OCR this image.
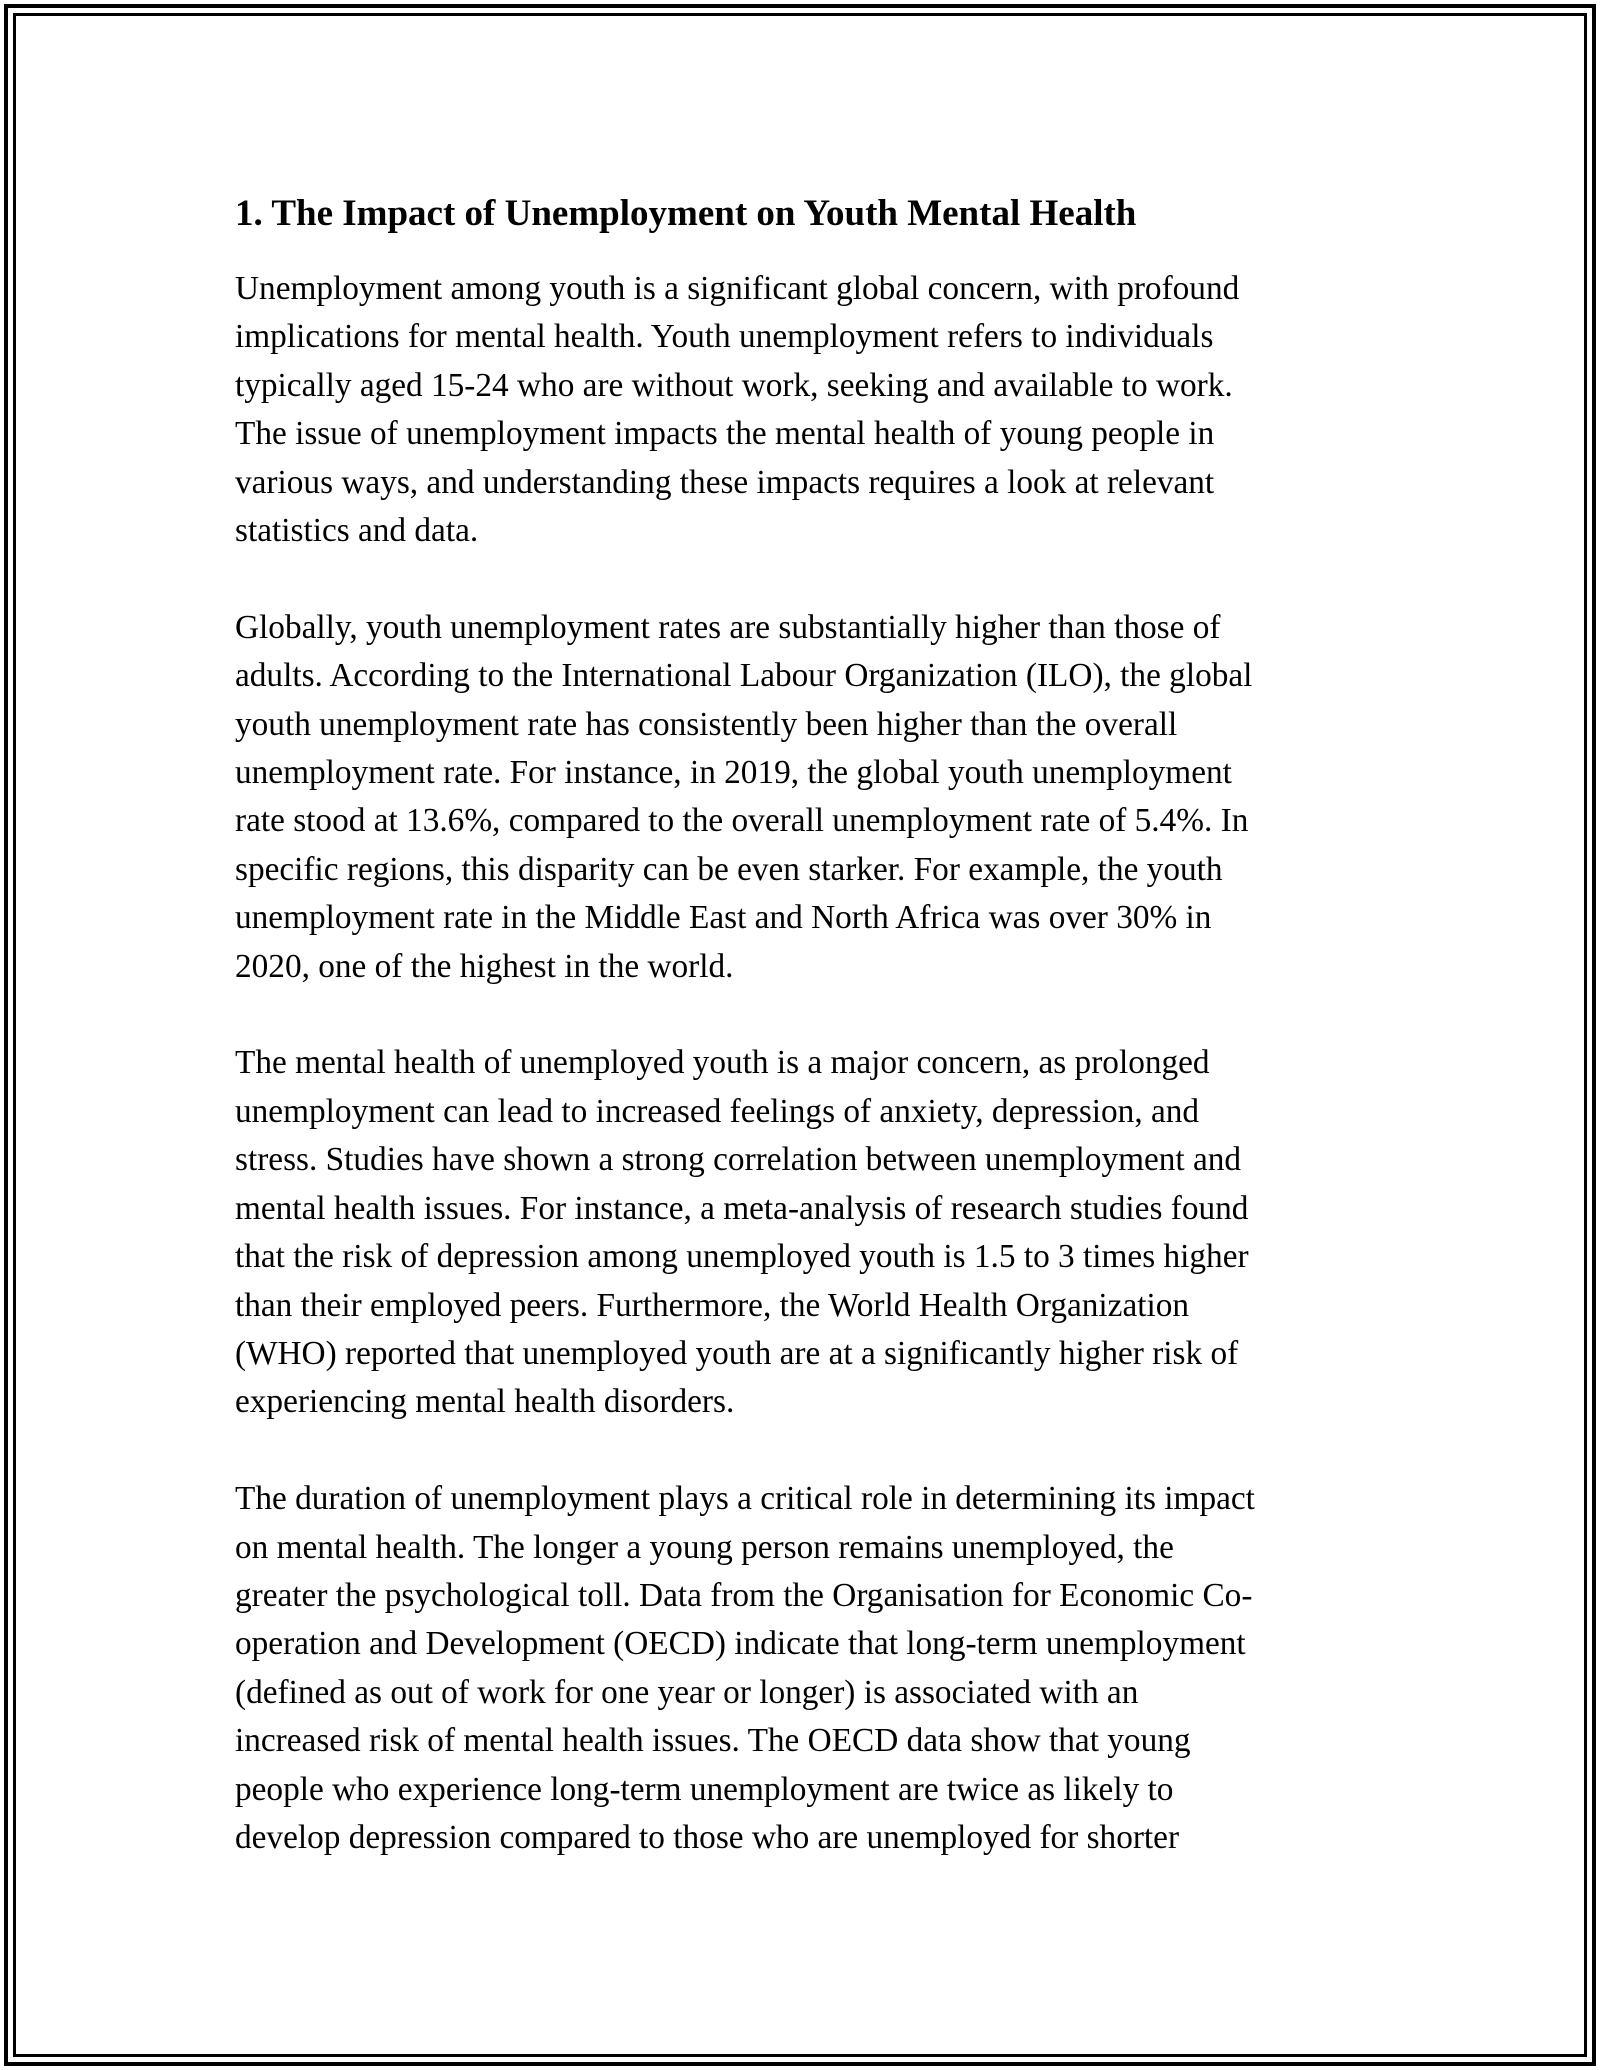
1. The Impact of Unemployment on Youth Mental Health
Unemployment among youth is a significant global concern, with profound
implications for mental health. Youth unemployment refers to individuals
typically aged 15-24 who are without work, seeking and available to work.
The issue of unemployment impacts the mental health of young people in
various ways, and understanding these impacts requires a look at relevant
statistics and data.
Globally, youth unemployment rates are substantially higher than those of
adults. According to the International Labour Organization (ILO), the global
youth unemployment rate has consistently been higher than the overall
unemployment rate. For instance, in 2019, the global youth unemployment
rate stood at 13.6%, compared to the overall unemployment rate of 5.4%. In
specific regions, this disparity can be even starker. For example, the youth
unemployment rate in the Middle East and North Africa was over 30% in
2020, one of the highest in the world.
The mental health of unemployed youth is a major concern, as prolonged
unemployment can lead to increased feelings of anxiety, depression, and
stress. Studies have shown a strong correlation between unemployment and
mental health issues. For instance, a meta-analysis of research studies found
that the risk of depression among unemployed youth is 1.5 to 3 times higher
than their employed peers. Furthermore, the World Health Organization
(WHO) reported that unemployed youth are at a significantly higher risk of
experiencing mental health disorders.
The duration of unemployment plays a critical role in determining its impact
on mental health. The longer a young person remains unemployed, the
greater the psychological toll. Data from the Organisation for Economic Co-
operation and Development (OECD) indicate that long-term unemployment
(defined as out of work for one year or longer) is associated with an
increased risk of mental health issues. The OECD data show that young
people who experience long-term unemployment are twice as likely to
develop depression compared to those who are unemployed for shorter
